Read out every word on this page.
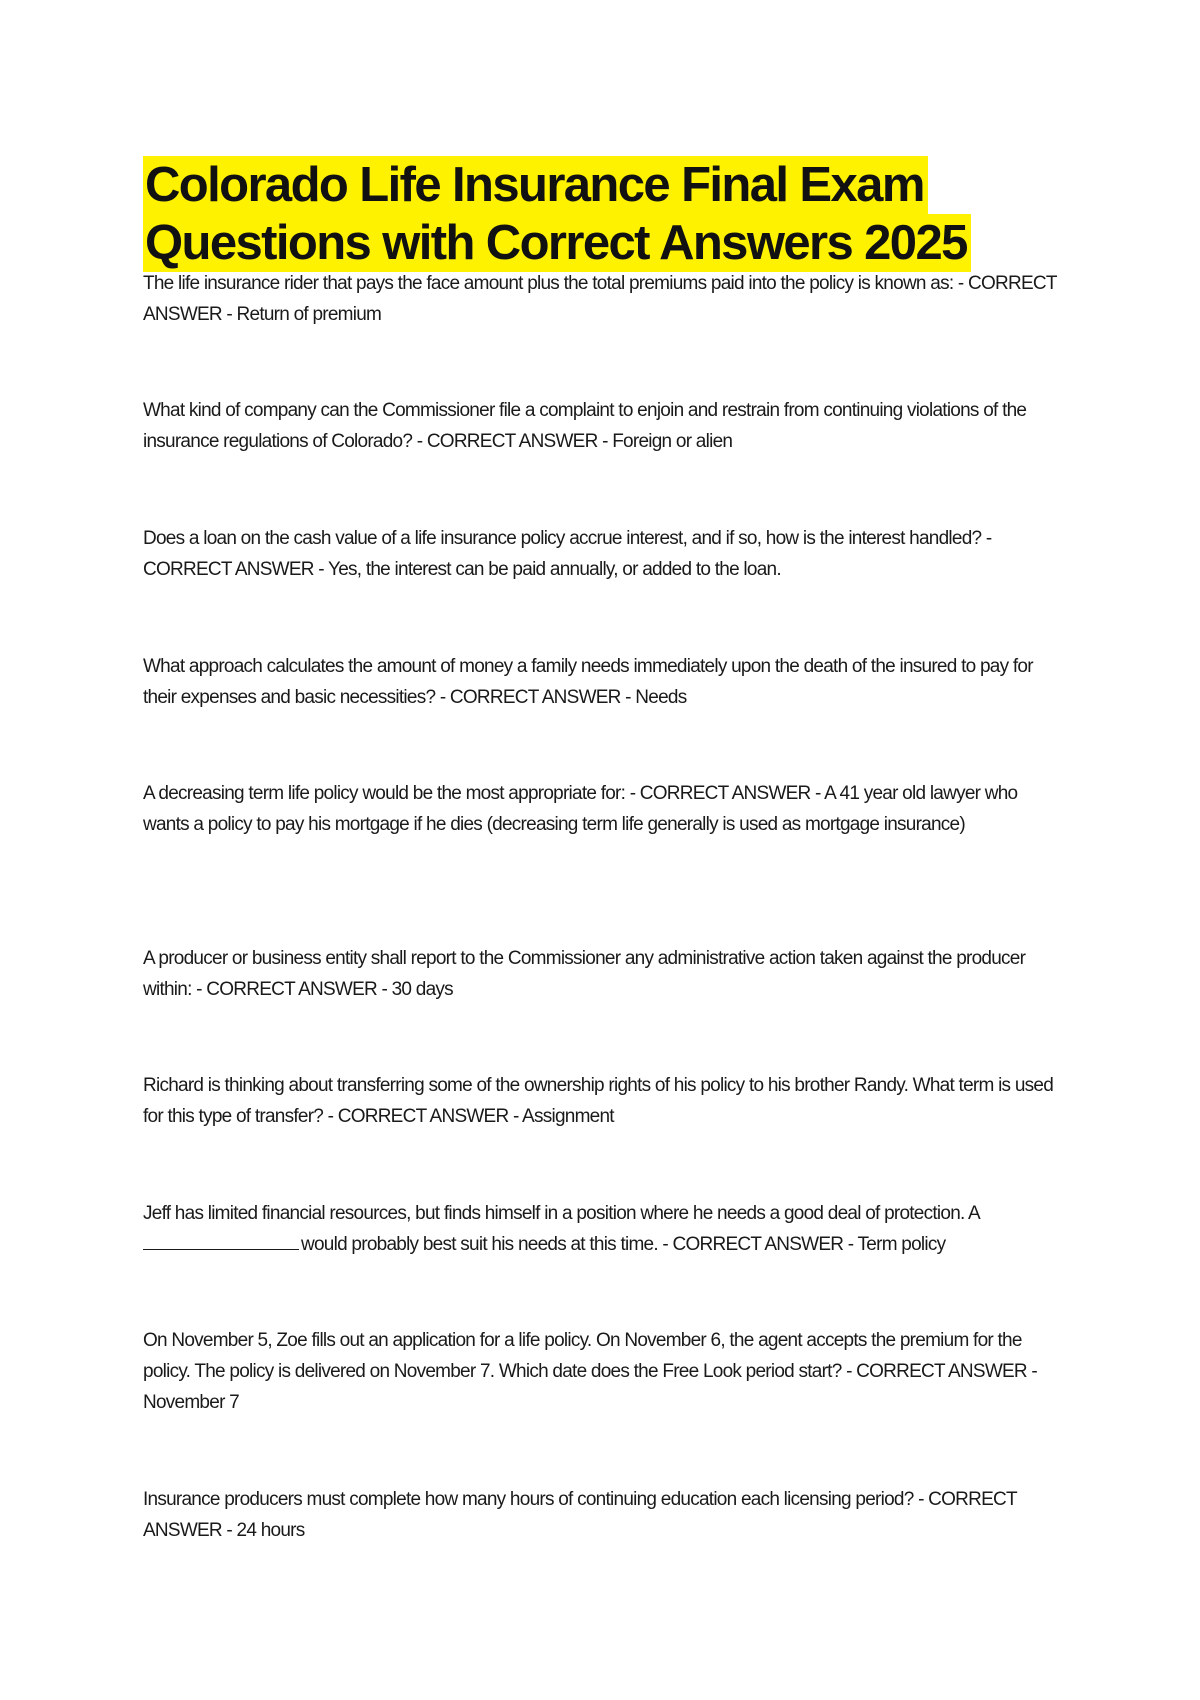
Colorado Life Insurance Final Exam
Questions with Correct Answers 2025
The life insurance rider that pays the face amount plus the total premiums paid into the policy is known as: - CORRECT ANSWER - Return of premium
What kind of company can the Commissioner file a complaint to enjoin and restrain from continuing violations of the insurance regulations of Colorado? - CORRECT ANSWER - Foreign or alien
Does a loan on the cash value of a life insurance policy accrue interest, and if so, how is the interest handled? - CORRECT ANSWER - Yes, the interest can be paid annually, or added to the loan.
What approach calculates the amount of money a family needs immediately upon the death of the insured to pay for their expenses and basic necessities? - CORRECT ANSWER - Needs
A decreasing term life policy would be the most appropriate for: - CORRECT ANSWER - A 41 year old lawyer who wants a policy to pay his mortgage if he dies (decreasing term life generally is used as mortgage insurance)
A producer or business entity shall report to the Commissioner any administrative action taken against the producer within: - CORRECT ANSWER - 30 days
Richard is thinking about transferring some of the ownership rights of his policy to his brother Randy. What term is used for this type of transfer? - CORRECT ANSWER - Assignment
Jeff has limited financial resources, but finds himself in a position where he needs a good deal of protection. A would probably best suit his needs at this time. - CORRECT ANSWER - Term policy
On November 5, Zoe fills out an application for a life policy. On November 6, the agent accepts the premium for the policy. The policy is delivered on November 7. Which date does the Free Look period start? - CORRECT ANSWER - November 7
Insurance producers must complete how many hours of continuing education each licensing period? - CORRECT ANSWER - 24 hours
